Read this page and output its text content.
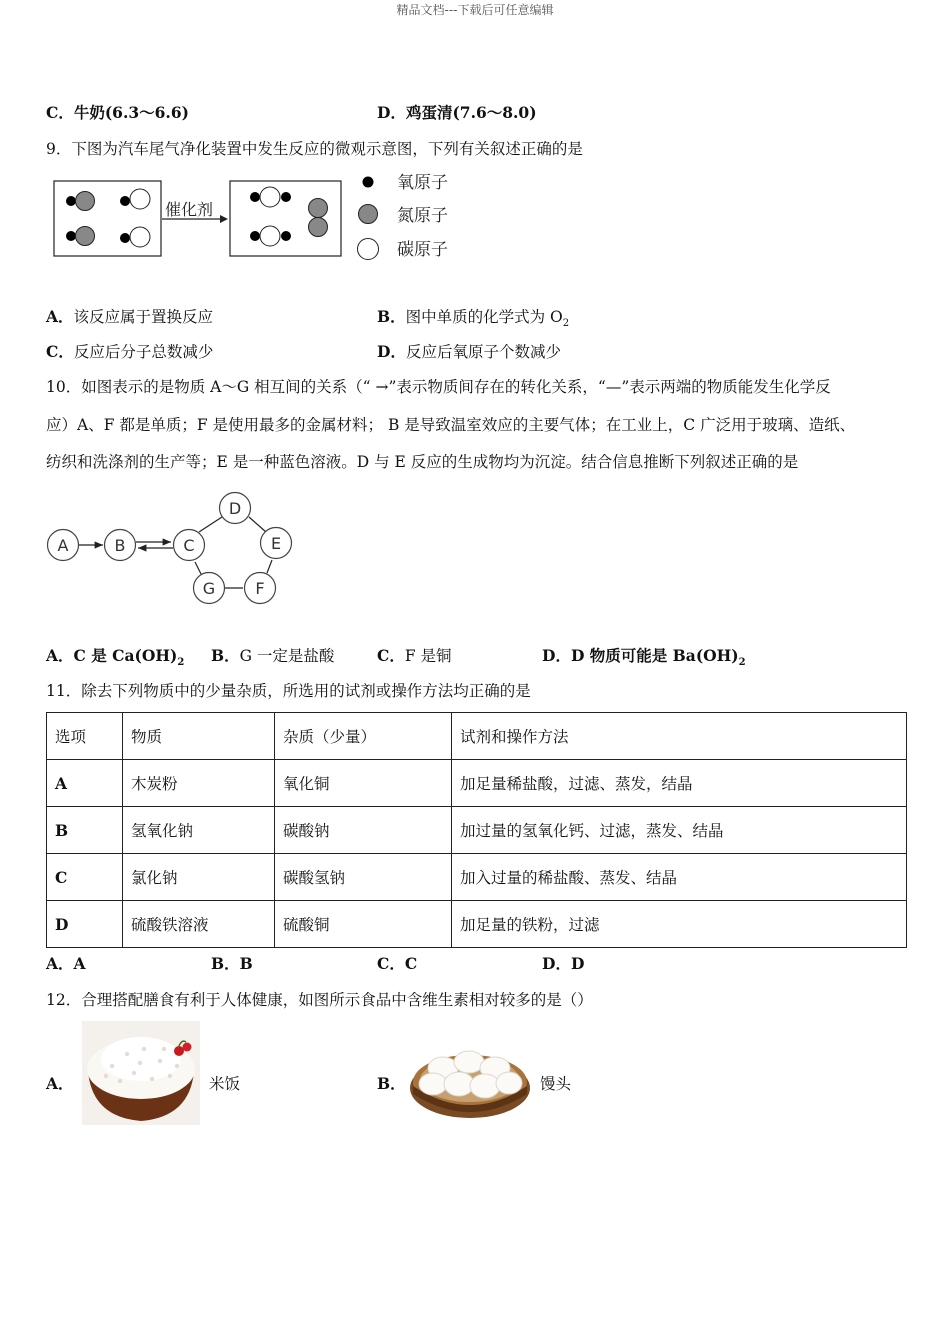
精品文档---下载后可任意编辑
C．牛奶(6.3～6.6)	D．鸡蛋清(7.6～8.0)
9．下图为汽车尾气净化装置中发生反应的微观示意图，下列有关叙述正确的是
催化剂
氧原子
氮原子
碳原子
A．该反应属于置换反应	B．图中单质的化学式为 $O_2$
C．反应后分子总数减少	D．反应后氧原子个数减少
10．如图表示的是物质 A～G 相互间的关系（“ →”表示物质间存在的转化关系，“—”表示两端的物质能发生化学反
应）A、F 都是单质；F 是使用最多的金属材料； B 是导致温室效应的主要气体；在工业上，C 广泛用于玻璃、造纸、
纺织和洗涤剂的生产等；E 是一种蓝色溶液。D 与 E 反应的生成物均为沉淀。结合信息推断下列叙述正确的是
A	B	C
D
E
F
G
A．C 是 $Ca(OH)_2$ B．G 一定是盐酸	C．F 是铜	D．D 物质可能是 $Ba(OH)_2$
11．除去下列物质中的少量杂质，所选用的试剂或操作方法均正确的是
选项	物质	杂质（少量）	试剂和操作方法
A	木炭粉	氧化铜	加足量稀盐酸，过滤、蒸发，结晶
B	氢氧化钠	碳酸钠	加过量的氢氧化钙、过滤，蒸发、结晶
C	氯化钠	碳酸氢钠	加入过量的稀盐酸、蒸发、结晶
D	硫酸铁溶液	硫酸铜	加足量的铁粉，过滤
A．A	B．B	C．C	D．D
12．合理搭配膳食有利于人体健康，如图所示食品中含维生素相对较多的是（）
A．	米饭	B．	馒头
